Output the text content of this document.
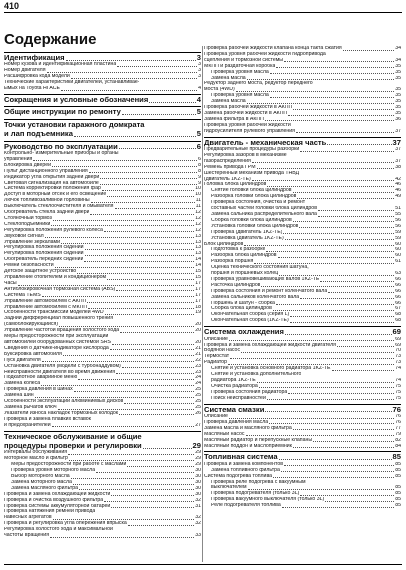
410
Содержание
Идентификация	3
Номер кузова и идентификационная пластина	3
Номер двигателя	3
Расшифровка кода модели	3
Технические характеристики двигателей, устанавливае-
ымых на Toyota HI ACE	4
Сокращения и условные обозначения	4
Общие инструкции по ремонту	5
Точки установки гаражного домкрата
и лап подъемника	5
Руководство по эксплуатации	6
Контрольно- измерительные приборы и органы
управления	6
Блокировка дверей	8
Пульт дистанционного управления	8
Индикатор угла открытия задней двери	9
Световая сигнализация на автомобиле	9
Система корректировки положения фар	10
Доступ в моторный отсек и его освещение	10
Лючок топливозаливной горловины	11
Выключатель стеклоочистителя и омывателя	11
Обогреватель стекла задней двери	12
Стояночный тормоз	12
Стеклоподъемники	12
Регулировка положения рулевого колеса	12
Звуковой сигнал	13
Управление зеркалами	13
Регулировка положения сидений	13
Регулировка положения сидений	13
Обогреватель передних сидений	14
Ремни безопасности	14
Детское защитное устройство	15
Управление отопителем и кондиционером	15
Часы	17
Антиблокировочная тормозная система (ABS)	17
Система TEMS	17
Управление автомобилем с АКПП	17
Управление автомобилем с МКПП	18
Особенности трансмиссии моделей 4WD	19
Задний дифференциал повышенного трения
(самоблокирующийся)	20
Управление частотой вращения холостого хода	20
Меры предосторожности при эксплуатации
автомобилей оборудованных системой SRS	20
Сведения о датчике-индикаторе кислорода	21
Буксировка автомобиля	21
Пуск двигателя	22
Остановка двигателя (модели с турбонаддувом)	23
Неисправности двигателя во время движения	23
Подкапотное аварийное меню	24
Замена колеса	24
Проверка давления в шинах	25
Замена шин	25
Особенности эксплуатации алюминиевых дисков	25
Замена рычагов ключ	25
Указатели износа накладок тормозных колодок	26
Проверка и замена плавких вставок
и предохранителей	27
Техническое обслуживание и общие
процедуры проверки и регулировки	29
Интервалы обслуживания	29
Моторное масло и фильтр	29
Меры предосторожности при работе с маслами	29
Проверка уровня моторного масла	30
Выбор моторного масла	30
Замена моторного масла	30
Замена масляного фильтра	30
Проверка и замена охлаждающей жидкости	30
Проверка и очистка воздушного фильтра	32
Проверка системы аккумуляторной батареи	31
Проверка натяжения ремней привода
навесных агрегатов	32
Проверка и регулировка угла опережения впрыска	32
Регулировка холостого хода и максимальной
частоты вращения	33
Проверка рабочей жидкости клапана конца такта сжатия	34
Проверка уровня рабочей жидкости гидропривода
сцепления и тормозной системы	34
МКПП и раздаточная коробка	35
Проверка уровня масла	35
Замена масла	35
Редуктор заднего моста, редуктор переднего
моста (4WD)	35
Проверка уровня масла	35
Замена масла	35
Проверка рабочей жидкости в АКПП	35
Замена рабочей жидкости в АКПП	35
Замена фильтра в АКПП	36
Проверка уровня рабочей жидкости
гидроусилителя рулевого управления	37
Двигатель - механическая часть	37
Предварительные процедуры разборки	37
Регулировка зазоров в механизме
газораспределения	37
Ремень привода ГРМ	38
Шестеренный механизм привода ТНВД
(двигатель 1KZ-TE)	42
Головка блока цилиндров	46
Снятие головки блока цилиндров	46
Разборка головки блока цилиндров	49
Проверка состояния, очистка и ремонт
составных частей головки блока цилиндров	51
Замена сальника распределительного вала	55
Сборка головки блока цилиндров	56
Установка головки блока цилиндров	56
Проверка (двигатель 1KZ-TE)	59
Установка (двигатель 1KZ-TE)	59
Блок цилиндров	60
Подготовка к разборке	60
Разборка блока цилиндров	60
Разборка поршня	61
Оценка технического состояния шатуна,
поршня и поршневых колец	63
Проверка уравновешивающих валов 1KZ-TE	66
Расточка цилиндров	66
Проверка состояния и ремонт коленчатого вала	66
Замена сальников коленчатого вала	66
Поршень и шатун - сборка	66
Сборка блока цилиндров	67
Окончательная сборка (серия L)	68
Окончательная сборка (1KZ-TE)	68
Система охлаждения	69
Описание	69
Проверка и замена охлаждающей жидкости двигателя	69
Водяной насос	70
Термостат	73
Радиатор	73
Снятие и установка основного радиатора 1KZ-TE	74
Снятие и установка дополнительного
радиатора 1KZ-TE	74
Очистка радиатора	75
Проверка состояния радиатора	75
Поиск неисправностей	75
Система смазки	76
Описание	76
Проверка давления масла	76
Замена масла и масляного фильтра	77
Масляный насос	79
Масляный радиатор и перепускные клапаны	82
Масляный поддон и маслоприемник	84
Топливная система	85
Проверка и замена компонентов	85
Замена топливного фильтра	85
Система подогрева топлива	85
Проверка реле подогрева с вакуумным
выключателем	85
Проверка подогревателя (только 3L)	85
Проверка вакуумного выключателя (только 3L)	85
Реле подогревателя топлива	85
